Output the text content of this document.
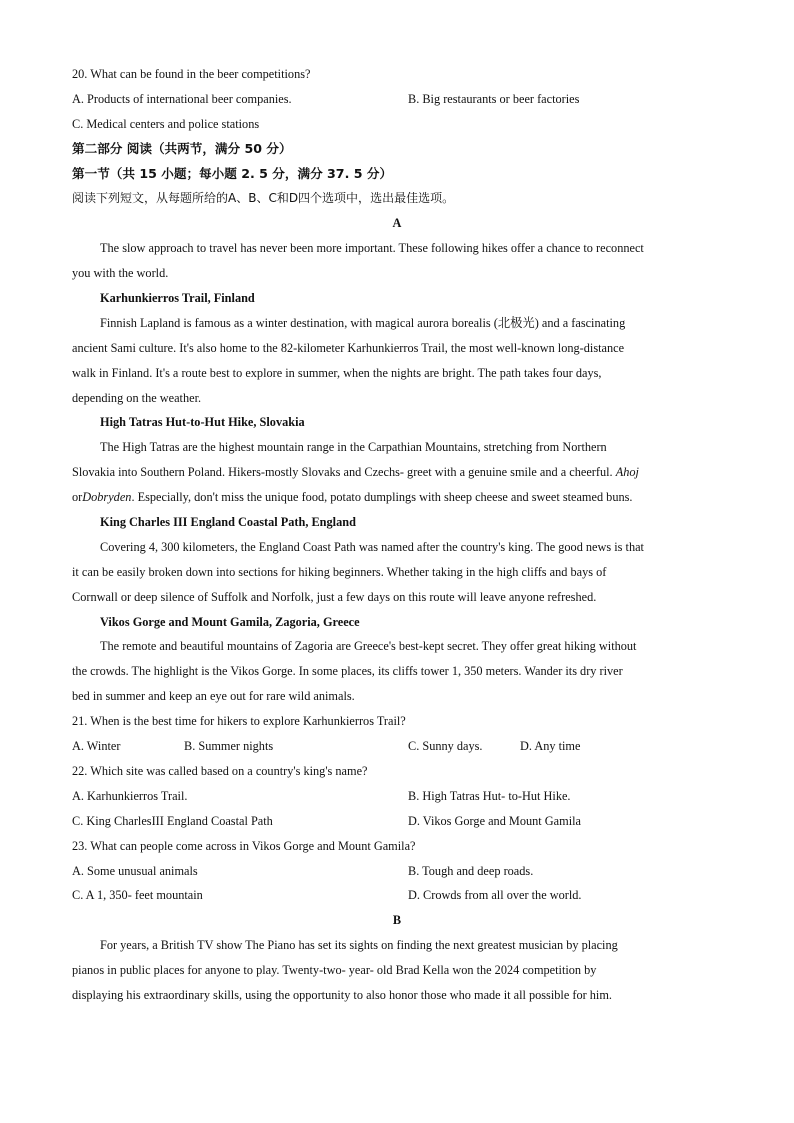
20. What can be found in the beer competitions?
A. Products of international beer companies.	B. Big restaurants or beer factories
C. Medical centers and police stations
第二部分 阅读（共两节，满分 50 分）
第一节（共 15 小题；每小题 2. 5 分，满分 37. 5 分）
阅读下列短文，从每题所给的A、B、C和D四个选项中，选出最佳选项。
A
The slow approach to travel has never been more important. These following hikes offer a chance to reconnect
you with the world.
Karhunkierros Trail, Finland
Finnish Lapland is famous as a winter destination, with magical aurora borealis (北极光) and a fascinating
ancient Sami culture. It's also home to the 82-kilometer Karhunkierros Trail, the most well-known long-distance
walk in Finland. It's a route best to explore in summer, when the nights are bright. The path takes four days,
depending on the weather.
High Tatras Hut-to-Hut Hike, Slovakia
The High Tatras are the highest mountain range in the Carpathian Mountains, stretching from Northern
Slovakia into Southern Poland. Hikers-mostly Slovaks and Czechs- greet with a genuine smile and a cheerful. Ahoj
orDobryden. Especially, don't miss the unique food, potato dumplings with sheep cheese and sweet steamed buns.
King Charles III England Coastal Path, England
Covering 4, 300 kilometers, the England Coast Path was named after the country's king. The good news is that
it can be easily broken down into sections for hiking beginners. Whether taking in the high cliffs and bays of
Cornwall or deep silence of Suffolk and Norfolk, just a few days on this route will leave anyone refreshed.
Vikos Gorge and Mount Gamila, Zagoria, Greece
The remote and beautiful mountains of Zagoria are Greece's best-kept secret. They offer great hiking without
the crowds. The highlight is the Vikos Gorge. In some places, its cliffs tower 1, 350 meters. Wander its dry river
bed in summer and keep an eye out for rare wild animals.
21. When is the best time for hikers to explore Karhunkierros Trail?
A. Winter	B. Summer nights	C. Sunny days.	D. Any time
22. Which site was called based on a country's king's name?
A. Karhunkierros Trail.	B. High Tatras Hut- to-Hut Hike.
C. King CharlesIII England Coastal Path	D. Vikos Gorge and Mount Gamila
23. What can people come across in Vikos Gorge and Mount Gamila?
A. Some unusual animals	B. Tough and deep roads.
C. A 1, 350- feet mountain	D. Crowds from all over the world.
B
For years, a British TV show The Piano has set its sights on finding the next greatest musician by placing
pianos in public places for anyone to play. Twenty-two- year- old Brad Kella won the 2024 competition by
displaying his extraordinary skills, using the opportunity to also honor those who made it all possible for him.
